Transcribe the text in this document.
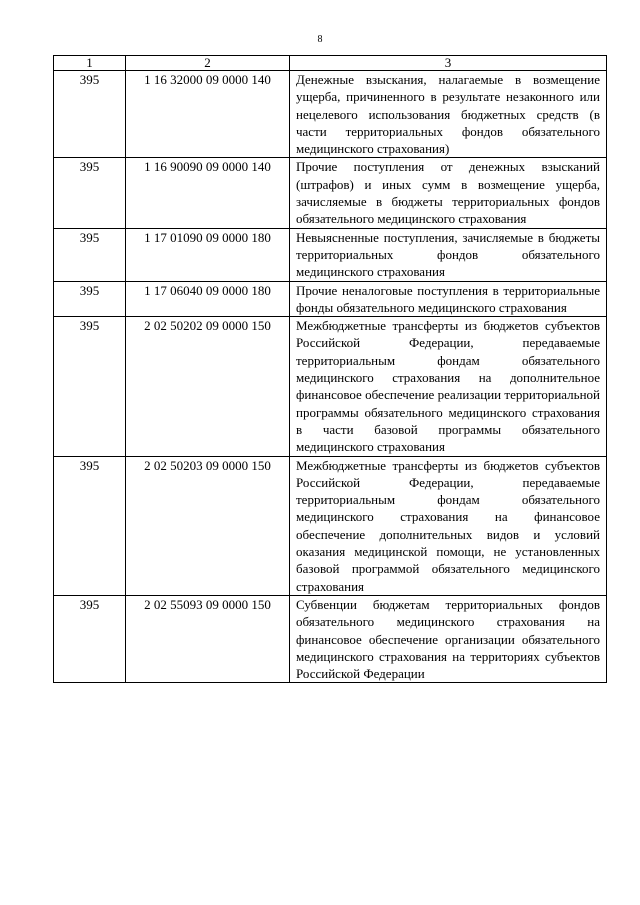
8
1	2	3
395	1 16 32000 09 0000 140	Денежные взыскания, налагаемые в возмещение ущерба, причиненного в результате незаконного или нецелевого использования бюджетных средств (в части территориальных фондов обязательного медицинского страхования)
395	1 16 90090 09 0000 140	Прочие поступления от денежных взысканий (штрафов) и иных сумм в возмещение ущерба, зачисляемые в бюджеты территориальных фондов обязательного медицинского страхования
395	1 17 01090 09 0000 180	Невыясненные поступления, зачисляемые в бюджеты территориальных фондов обязательного медицинского страхования
395	1 17 06040 09 0000 180	Прочие неналоговые поступления в территориальные фонды обязательного медицинского страхования
395	2 02 50202 09 0000 150	Межбюджетные трансферты из бюджетов субъектов Российской Федерации, передаваемые территориальным фондам обязательного медицинского страхования на дополнительное финансовое обеспечение реализации территориальной программы обязательного медицинского страхования в части базовой программы обязательного медицинского страхования
395	2 02 50203 09 0000 150	Межбюджетные трансферты из бюджетов субъектов Российской Федерации, передаваемые территориальным фондам обязательного медицинского страхования на финансовое обеспечение дополнительных видов и условий оказания медицинской помощи, не установленных базовой программой обязательного медицинского страхования
395	2 02 55093 09 0000 150	Субвенции бюджетам территориальных фондов обязательного медицинского страхования на финансовое обеспечение организации обязательного медицинского страхования на территориях субъектов Российской Федерации
